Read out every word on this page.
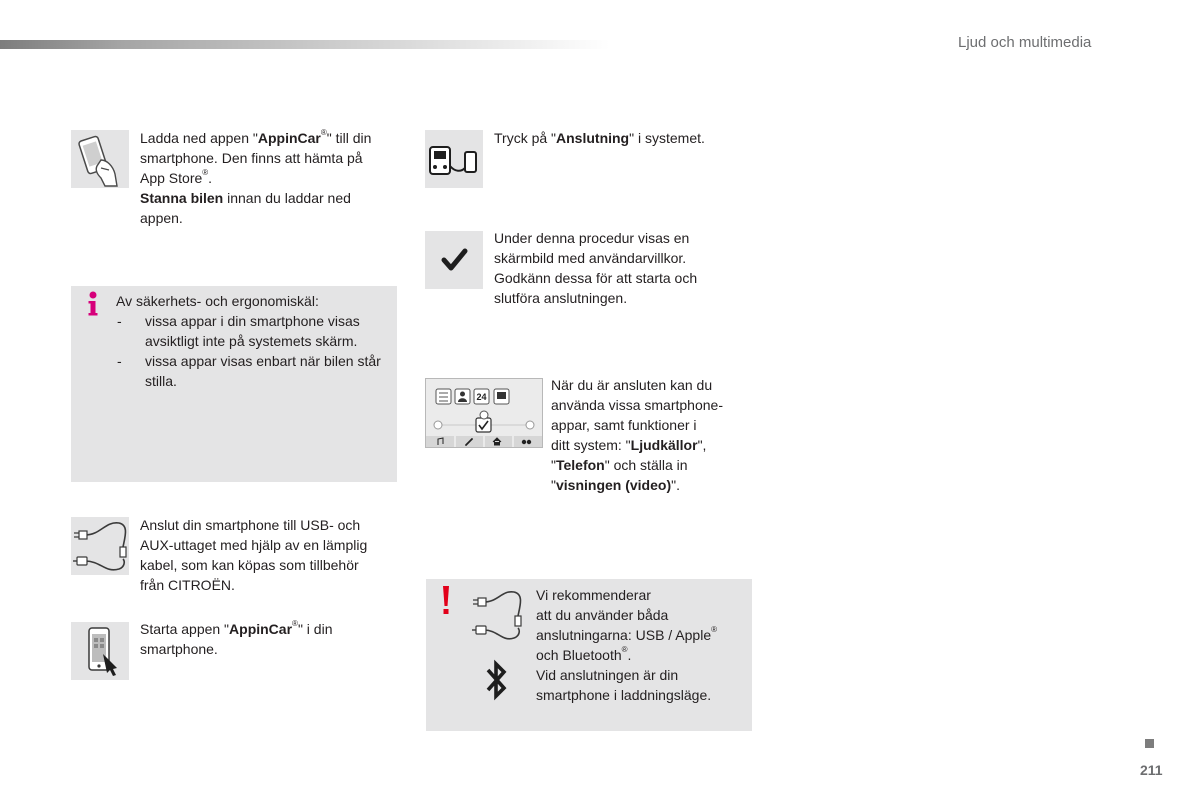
Ljud och multimedia

Ladda ned appen "AppinCar®" till din

smartphone. Den finns att hämta på

App Store®.

Stanna bilen innan du laddar ned

appen.

Av säkerhets- och ergonomiskäl:

-	vissa appar i din smartphone visas avsiktligt inte på systemets skärm.

-	vissa appar visas enbart när bilen står stilla.

Anslut din smartphone till USB- och

AUX-uttaget med hjälp av en lämplig

kabel, som kan köpas som tillbehör

från CITROËN.

Starta appen "AppinCar®" i din

smartphone.

Tryck på "Anslutning" i systemet.

Under denna procedur visas en

skärmbild med användarvillkor.

Godkänn dessa för att starta och

slutföra anslutningen.

24

När du är ansluten kan du

använda vissa smartphone-

appar, samt funktioner i

ditt system: "Ljudkällor",

"Telefon" och ställa in

"visningen (video)".

Vi rekommenderar

att du använder båda

anslutningarna: USB / Apple®

och Bluetooth®.

Vid anslutningen är din

smartphone i laddningsläge.

211
